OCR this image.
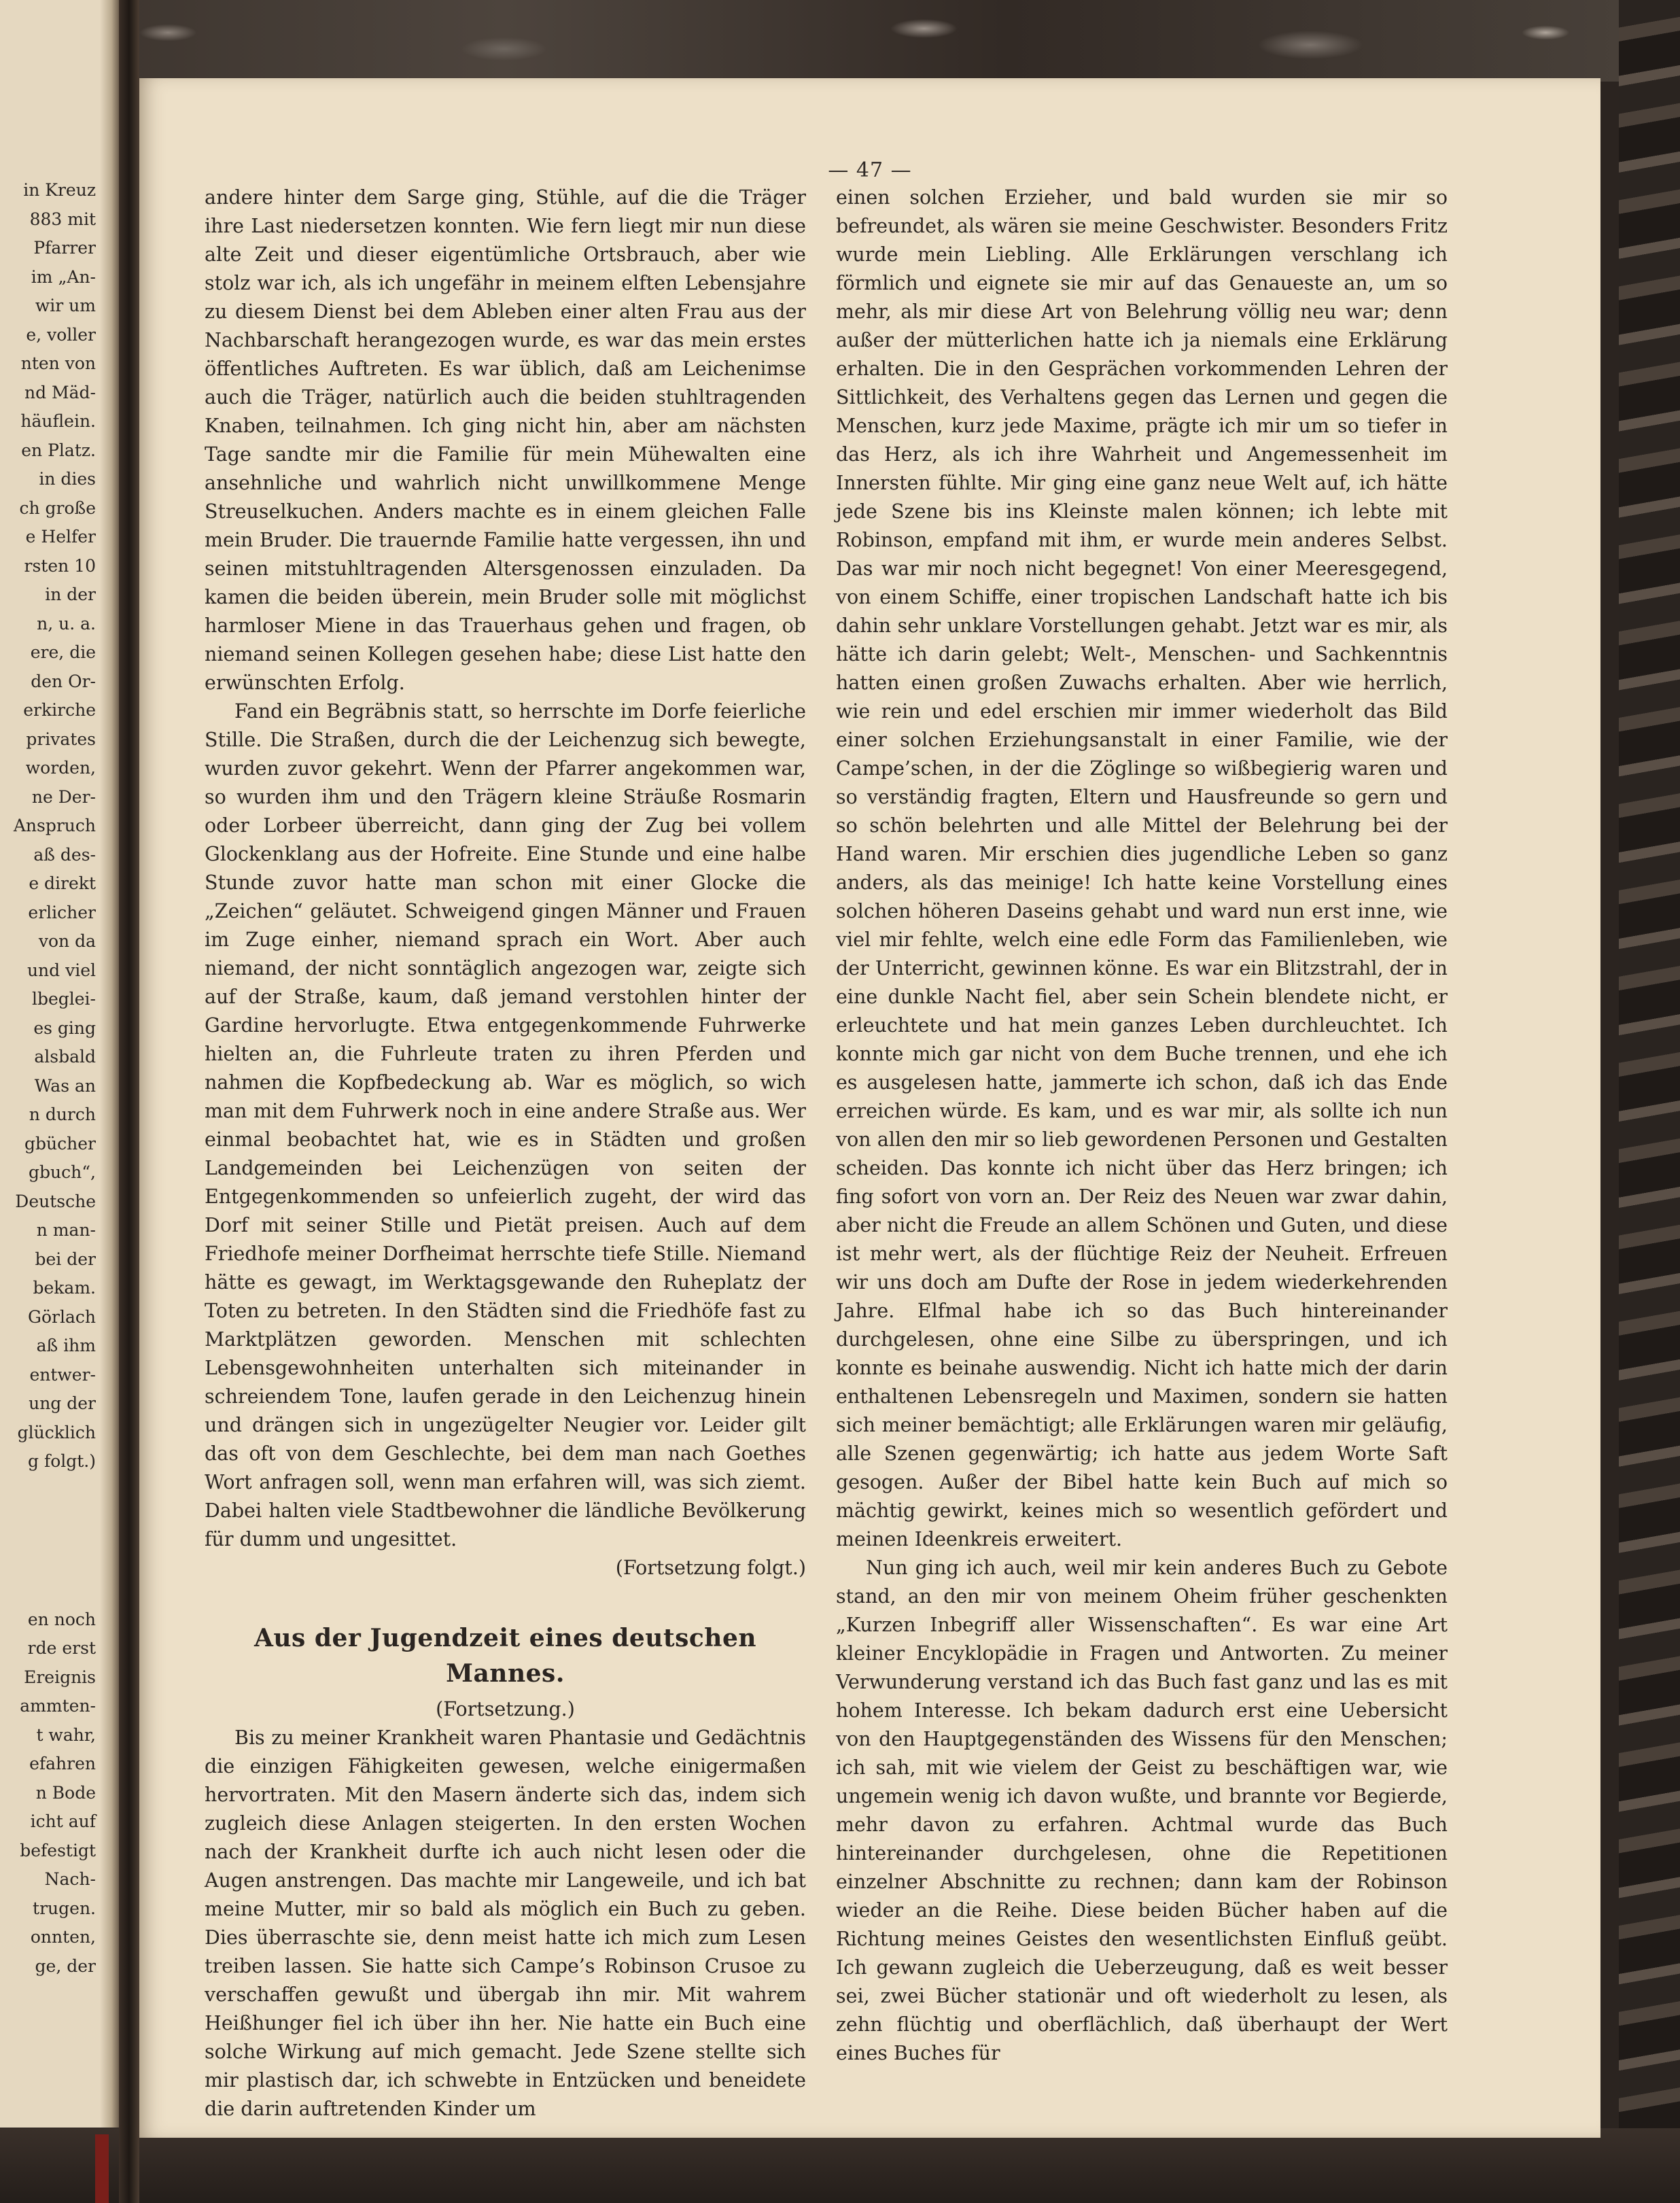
in Kreuz
883 mit
Pfarrer
im „An-
wir um
e, voller
nten von
nd Mäd-
häuflein.
en Platz.
in dies
ch große
e Helfer
rsten 10
in der
n, u. a.
ere, die
den Or-
erkirche
privates
worden,
ne Der-
Anspruch
aß des-
e direkt
erlicher
von da
und viel
lbeglei-
es ging
alsbald
Was an
n durch
gbücher
gbuch“,
Deutsche
n man-
bei der
bekam.
Görlach
aß ihm
entwer-
ung der
glücklich
g folgt.)
en noch
rde erst
Ereignis
ammten-
t wahr,
efahren
n Bode
icht auf
befestigt
Nach-
trugen.
onnten,
ge, der
— 47 —

andere hinter dem Sarge ging, Stühle, auf die die Träger ihre Last niedersetzen konnten. Wie fern liegt mir nun diese alte Zeit und dieser eigentümliche Ortsbrauch, aber wie stolz war ich, als ich ungefähr in meinem elften Lebensjahre zu diesem Dienst bei dem Ableben einer alten Frau aus der Nachbarschaft herangezogen wurde, es war das mein erstes öffentliches Auftreten. Es war üblich, daß am Leichenimse auch die Träger, natürlich auch die beiden stuhltragenden Knaben, teilnahmen. Ich ging nicht hin, aber am nächsten Tage sandte mir die Familie für mein Mühewalten eine ansehnliche und wahrlich nicht unwillkommene Menge Streuselkuchen. Anders machte es in einem gleichen Falle mein Bruder. Die trauernde Familie hatte vergessen, ihn und seinen mitstuhltragenden Altersgenossen einzuladen. Da kamen die beiden überein, mein Bruder solle mit möglichst harmloser Miene in das Trauerhaus gehen und fragen, ob niemand seinen Kollegen gesehen habe; diese List hatte den erwünschten Erfolg.

Fand ein Begräbnis statt, so herrschte im Dorfe feierliche Stille. Die Straßen, durch die der Leichenzug sich bewegte, wurden zuvor gekehrt. Wenn der Pfarrer angekommen war, so wurden ihm und den Trägern kleine Sträuße Rosmarin oder Lorbeer überreicht, dann ging der Zug bei vollem Glockenklang aus der Hofreite. Eine Stunde und eine halbe Stunde zuvor hatte man schon mit einer Glocke die „Zeichen“ geläutet. Schweigend gingen Männer und Frauen im Zuge einher, niemand sprach ein Wort. Aber auch niemand, der nicht sonntäglich angezogen war, zeigte sich auf der Straße, kaum, daß jemand verstohlen hinter der Gardine hervorlugte. Etwa entgegenkommende Fuhrwerke hielten an, die Fuhrleute traten zu ihren Pferden und nahmen die Kopfbedeckung ab. War es möglich, so wich man mit dem Fuhrwerk noch in eine andere Straße aus. Wer einmal beobachtet hat, wie es in Städten und großen Landgemeinden bei Leichenzügen von seiten der Entgegenkommenden so unfeierlich zugeht, der wird das Dorf mit seiner Stille und Pietät preisen. Auch auf dem Friedhofe meiner Dorfheimat herrschte tiefe Stille. Niemand hätte es gewagt, im Werktagsgewande den Ruheplatz der Toten zu betreten. In den Städten sind die Friedhöfe fast zu Marktplätzen geworden. Menschen mit schlechten Lebensgewohnheiten unterhalten sich miteinander in schreiendem Tone, laufen gerade in den Leichenzug hinein und drängen sich in ungezügelter Neugier vor. Leider gilt das oft von dem Geschlechte, bei dem man nach Goethes Wort anfragen soll, wenn man erfahren will, was sich ziemt. Dabei halten viele Stadtbewohner die ländliche Bevölkerung für dumm und ungesittet.

(Fortsetzung folgt.)

Aus der Jugendzeit eines deutschen Mannes.

(Fortsetzung.)

Bis zu meiner Krankheit waren Phantasie und Gedächtnis die einzigen Fähigkeiten gewesen, welche einigermaßen hervortraten. Mit den Masern änderte sich das, indem sich zugleich diese Anlagen steigerten. In den ersten Wochen nach der Krankheit durfte ich auch nicht lesen oder die Augen anstrengen. Das machte mir Langeweile, und ich bat meine Mutter, mir so bald als möglich ein Buch zu geben. Dies überraschte sie, denn meist hatte ich mich zum Lesen treiben lassen. Sie hatte sich Campe’s Robinson Crusoe zu verschaffen gewußt und übergab ihn mir. Mit wahrem Heißhunger fiel ich über ihn her. Nie hatte ein Buch eine solche Wirkung auf mich gemacht. Jede Szene stellte sich mir plastisch dar, ich schwebte in Entzücken und beneidete die darin auftretenden Kinder um

einen solchen Erzieher, und bald wurden sie mir so befreundet, als wären sie meine Geschwister. Besonders Fritz wurde mein Liebling. Alle Erklärungen verschlang ich förmlich und eignete sie mir auf das Genaueste an, um so mehr, als mir diese Art von Belehrung völlig neu war; denn außer der mütterlichen hatte ich ja niemals eine Erklärung erhalten. Die in den Gesprächen vorkommenden Lehren der Sittlichkeit, des Verhaltens gegen das Lernen und gegen die Menschen, kurz jede Maxime, prägte ich mir um so tiefer in das Herz, als ich ihre Wahrheit und Angemessenheit im Innersten fühlte. Mir ging eine ganz neue Welt auf, ich hätte jede Szene bis ins Kleinste malen können; ich lebte mit Robinson, empfand mit ihm, er wurde mein anderes Selbst. Das war mir noch nicht begegnet! Von einer Meeresgegend, von einem Schiffe, einer tropischen Landschaft hatte ich bis dahin sehr unklare Vorstellungen gehabt. Jetzt war es mir, als hätte ich darin gelebt; Welt-, Menschen- und Sachkenntnis hatten einen großen Zuwachs erhalten. Aber wie herrlich, wie rein und edel erschien mir immer wiederholt das Bild einer solchen Erziehungsanstalt in einer Familie, wie der Campe’schen, in der die Zöglinge so wißbegierig waren und so verständig fragten, Eltern und Hausfreunde so gern und so schön belehrten und alle Mittel der Belehrung bei der Hand waren. Mir erschien dies jugendliche Leben so ganz anders, als das meinige! Ich hatte keine Vorstellung eines solchen höheren Daseins gehabt und ward nun erst inne, wie viel mir fehlte, welch eine edle Form das Familienleben, wie der Unterricht, gewinnen könne. Es war ein Blitzstrahl, der in eine dunkle Nacht fiel, aber sein Schein blendete nicht, er erleuchtete und hat mein ganzes Leben durchleuchtet. Ich konnte mich gar nicht von dem Buche trennen, und ehe ich es ausgelesen hatte, jammerte ich schon, daß ich das Ende erreichen würde. Es kam, und es war mir, als sollte ich nun von allen den mir so lieb gewordenen Personen und Gestalten scheiden. Das konnte ich nicht über das Herz bringen; ich fing sofort von vorn an. Der Reiz des Neuen war zwar dahin, aber nicht die Freude an allem Schönen und Guten, und diese ist mehr wert, als der flüchtige Reiz der Neuheit. Erfreuen wir uns doch am Dufte der Rose in jedem wiederkehrenden Jahre. Elfmal habe ich so das Buch hintereinander durchgelesen, ohne eine Silbe zu überspringen, und ich konnte es beinahe auswendig. Nicht ich hatte mich der darin enthaltenen Lebensregeln und Maximen, sondern sie hatten sich meiner bemächtigt; alle Erklärungen waren mir geläufig, alle Szenen gegenwärtig; ich hatte aus jedem Worte Saft gesogen. Außer der Bibel hatte kein Buch auf mich so mächtig gewirkt, keines mich so wesentlich gefördert und meinen Ideenkreis erweitert.

Nun ging ich auch, weil mir kein anderes Buch zu Gebote stand, an den mir von meinem Oheim früher geschenkten „Kurzen Inbegriff aller Wissenschaften“. Es war eine Art kleiner Encyklopädie in Fragen und Antworten. Zu meiner Verwunderung verstand ich das Buch fast ganz und las es mit hohem Interesse. Ich bekam dadurch erst eine Uebersicht von den Hauptgegenständen des Wissens für den Menschen; ich sah, mit wie vielem der Geist zu beschäftigen war, wie ungemein wenig ich davon wußte, und brannte vor Begierde, mehr davon zu erfahren. Achtmal wurde das Buch hintereinander durchgelesen, ohne die Repetitionen einzelner Abschnitte zu rechnen; dann kam der Robinson wieder an die Reihe. Diese beiden Bücher haben auf die Richtung meines Geistes den wesentlichsten Einfluß geübt. Ich gewann zugleich die Ueberzeugung, daß es weit besser sei, zwei Bücher stationär und oft wiederholt zu lesen, als zehn flüchtig und oberflächlich, daß überhaupt der Wert eines Buches für
